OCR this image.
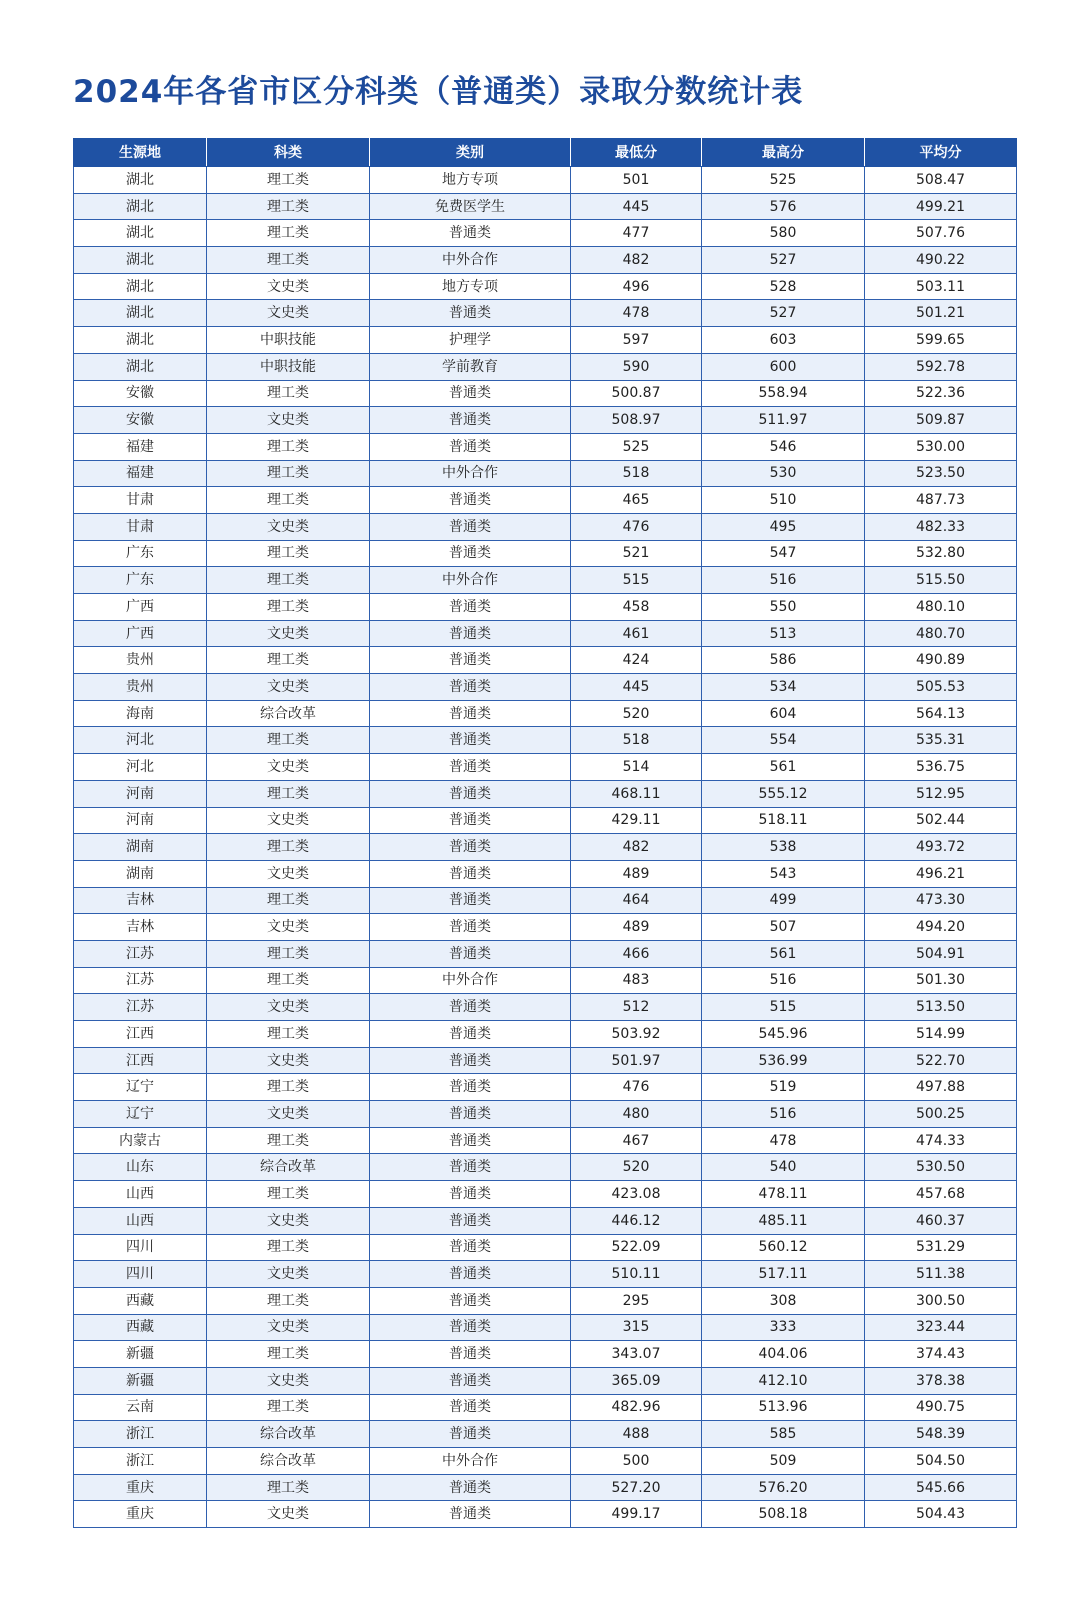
2024年各省市区分科类（普通类）录取分数统计表
生源地	科类	类别	最低分	最高分	平均分
湖北	理工类	地方专项	501	525	508.47
湖北	理工类	免费医学生	445	576	499.21
湖北	理工类	普通类	477	580	507.76
湖北	理工类	中外合作	482	527	490.22
湖北	文史类	地方专项	496	528	503.11
湖北	文史类	普通类	478	527	501.21
湖北	中职技能	护理学	597	603	599.65
湖北	中职技能	学前教育	590	600	592.78
安徽	理工类	普通类	500.87	558.94	522.36
安徽	文史类	普通类	508.97	511.97	509.87
福建	理工类	普通类	525	546	530.00
福建	理工类	中外合作	518	530	523.50
甘肃	理工类	普通类	465	510	487.73
甘肃	文史类	普通类	476	495	482.33
广东	理工类	普通类	521	547	532.80
广东	理工类	中外合作	515	516	515.50
广西	理工类	普通类	458	550	480.10
广西	文史类	普通类	461	513	480.70
贵州	理工类	普通类	424	586	490.89
贵州	文史类	普通类	445	534	505.53
海南	综合改革	普通类	520	604	564.13
河北	理工类	普通类	518	554	535.31
河北	文史类	普通类	514	561	536.75
河南	理工类	普通类	468.11	555.12	512.95
河南	文史类	普通类	429.11	518.11	502.44
湖南	理工类	普通类	482	538	493.72
湖南	文史类	普通类	489	543	496.21
吉林	理工类	普通类	464	499	473.30
吉林	文史类	普通类	489	507	494.20
江苏	理工类	普通类	466	561	504.91
江苏	理工类	中外合作	483	516	501.30
江苏	文史类	普通类	512	515	513.50
江西	理工类	普通类	503.92	545.96	514.99
江西	文史类	普通类	501.97	536.99	522.70
辽宁	理工类	普通类	476	519	497.88
辽宁	文史类	普通类	480	516	500.25
内蒙古	理工类	普通类	467	478	474.33
山东	综合改革	普通类	520	540	530.50
山西	理工类	普通类	423.08	478.11	457.68
山西	文史类	普通类	446.12	485.11	460.37
四川	理工类	普通类	522.09	560.12	531.29
四川	文史类	普通类	510.11	517.11	511.38
西藏	理工类	普通类	295	308	300.50
西藏	文史类	普通类	315	333	323.44
新疆	理工类	普通类	343.07	404.06	374.43
新疆	文史类	普通类	365.09	412.10	378.38
云南	理工类	普通类	482.96	513.96	490.75
浙江	综合改革	普通类	488	585	548.39
浙江	综合改革	中外合作	500	509	504.50
重庆	理工类	普通类	527.20	576.20	545.66
重庆	文史类	普通类	499.17	508.18	504.43
